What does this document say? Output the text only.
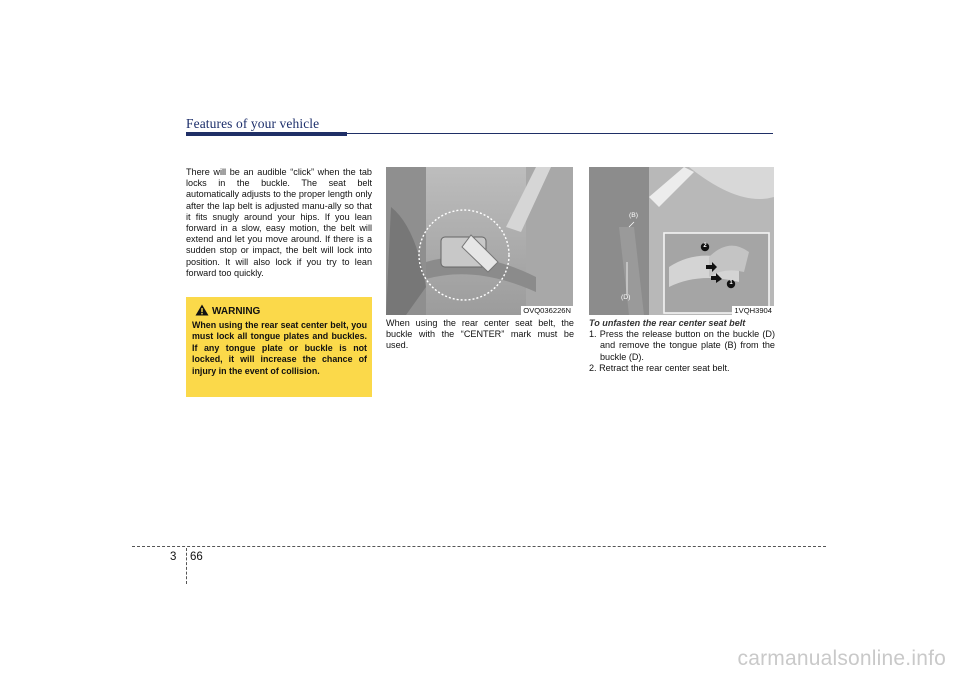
Features of your vehicle
There will be an audible “click” when the tab locks in the buckle. The seat belt automatically adjusts to the proper length only after the lap belt is adjusted manu-ally so that it fits snugly around your hips. If you lean forward in a slow, easy motion, the belt will extend and let you move around. If there is a sudden stop or impact, the belt will lock into position. It will also lock if you try to lean forward too quickly.
WARNING
When using the rear seat center belt, you must lock all tongue plates and buckles. If any tongue plate or buckle is not locked, it will increase the chance of injury in the event of collision.
OVQ036226N
When using the rear center seat belt, the buckle with the “CENTER” mark must be used.
(B)
(D)
2
1
1VQH3904
To unfasten the rear center seat belt

1. Press the release button on the buckle (D) and remove the tongue plate (B) from the buckle (D).

2. Retract the rear center seat belt.

3 66
carmanualsonline.info
